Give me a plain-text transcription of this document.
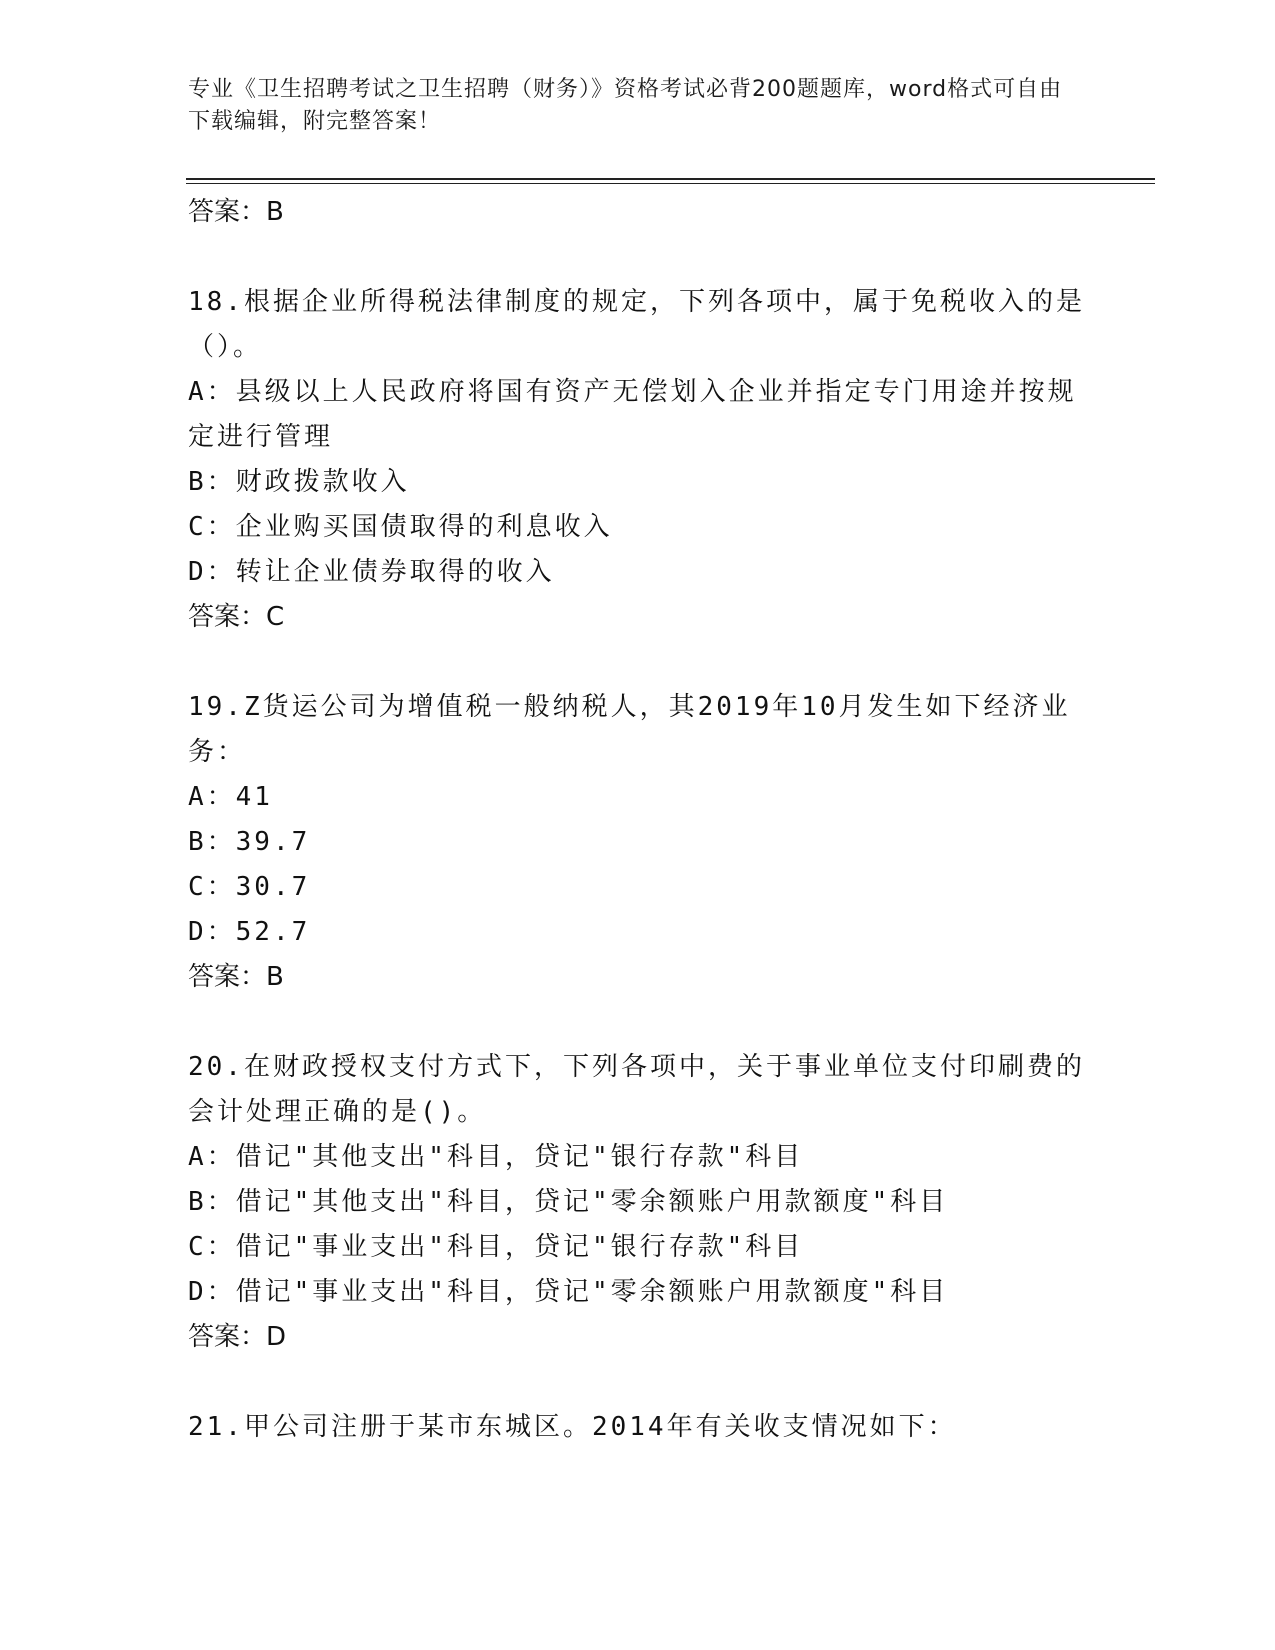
专业《卫生招聘考试之卫生招聘（财务）》资格考试必背200题题库，word格式可自由下载编辑，附完整答案！
答案：B
18.根据企业所得税法律制度的规定，下列各项中，属于免税收入的是（）。
A：县级以上人民政府将国有资产无偿划入企业并指定专门用途并按规定进行管理
B：财政拨款收入
C：企业购买国债取得的利息收入
D：转让企业债券取得的收入
答案：C
19.Z货运公司为增值税一般纳税人，其2019年10月发生如下经济业务：
A：41
B：39.7
C：30.7
D：52.7
答案：B
20.在财政授权支付方式下，下列各项中，关于事业单位支付印刷费的会计处理正确的是()。
A：借记"其他支出"科目，贷记"银行存款"科目
B：借记"其他支出"科目，贷记"零余额账户用款额度"科目
C：借记"事业支出"科目，贷记"银行存款"科目
D：借记"事业支出"科目，贷记"零余额账户用款额度"科目
答案：D
21.甲公司注册于某市东城区。2014年有关收支情况如下：
